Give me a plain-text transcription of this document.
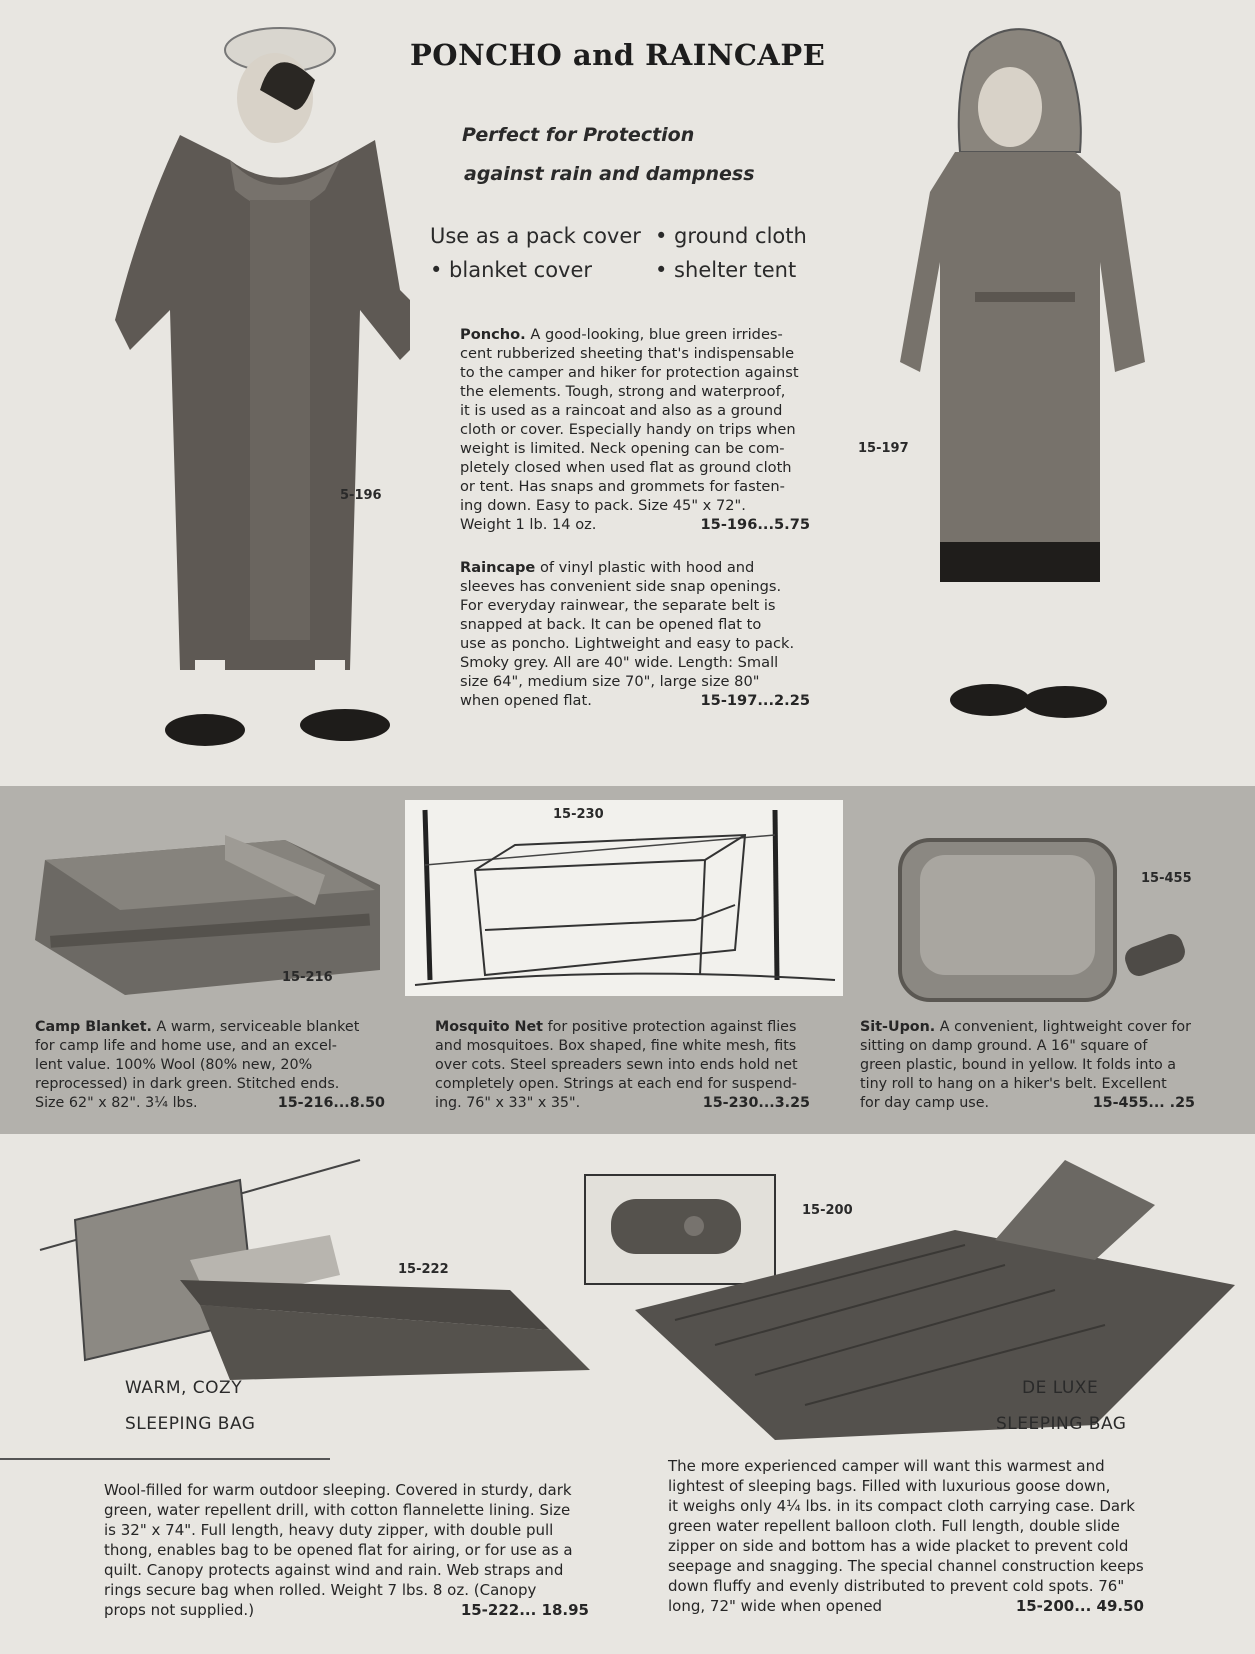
PONCHO and RAINCAPE
Perfect for Protection
against rain and dampness
Use as a pack cover • ground cloth
• blanket cover	• shelter tent
5-196
15-197
Poncho. A good-looking, blue green irrides-
cent rubberized sheeting that's indispensable
to the camper and hiker for protection against
the elements. Tough, strong and waterproof,
it is used as a raincoat and also as a ground
cloth or cover. Especially handy on trips when
weight is limited. Neck opening can be com-
pletely closed when used flat as ground cloth
or tent. Has snaps and grommets for fasten-
ing down. Easy to pack. Size 45" x 72".
Weight 1 lb. 14 oz.	15-196...5.75
Raincape of vinyl plastic with hood and
sleeves has convenient side snap openings.
For everyday rainwear, the separate belt is
snapped at back. It can be opened flat to
use as poncho. Lightweight and easy to pack.
Smoky grey. All are 40" wide. Length: Small
size 64", medium size 70", large size 80"
when opened flat.	15-197...2.25
15-216
15-230
15-455
Camp Blanket. A warm, serviceable blanket
for camp life and home use, and an excel-
lent value. 100% Wool (80% new, 20%
reprocessed) in dark green. Stitched ends.
Size 62" x 82". 3¼ lbs.	15-216...8.50
Mosquito Net for positive protection against flies
and mosquitoes. Box shaped, fine white mesh, fits
over cots. Steel spreaders sewn into ends hold net
completely open. Strings at each end for suspend-
ing. 76" x 33" x 35".	15-230...3.25
Sit-Upon. A convenient, lightweight cover for
sitting on damp ground. A 16" square of
green plastic, bound in yellow. It folds into a
tiny roll to hang on a hiker's belt. Excellent
for day camp use.	15-455... .25
15-222
15-200
WARM, COZY
SLEEPING BAG
DE LUXE
SLEEPING BAG
Wool-filled for warm outdoor sleeping. Covered in sturdy, dark
green, water repellent drill, with cotton flannelette lining. Size
is 32" x 74". Full length, heavy duty zipper, with double pull
thong, enables bag to be opened flat for airing, or for use as a
quilt. Canopy protects against wind and rain. Web straps and
rings secure bag when rolled. Weight 7 lbs. 8 oz. (Canopy
props not supplied.)	15-222... 18.95
The more experienced camper will want this warmest and
lightest of sleeping bags. Filled with luxurious goose down,
it weighs only 4¼ lbs. in its compact cloth carrying case. Dark
green water repellent balloon cloth. Full length, double slide
zipper on side and bottom has a wide placket to prevent cold
seepage and snagging. The special channel construction keeps
down fluffy and evenly distributed to prevent cold spots. 76"
long, 72" wide when opened	15-200... 49.50
